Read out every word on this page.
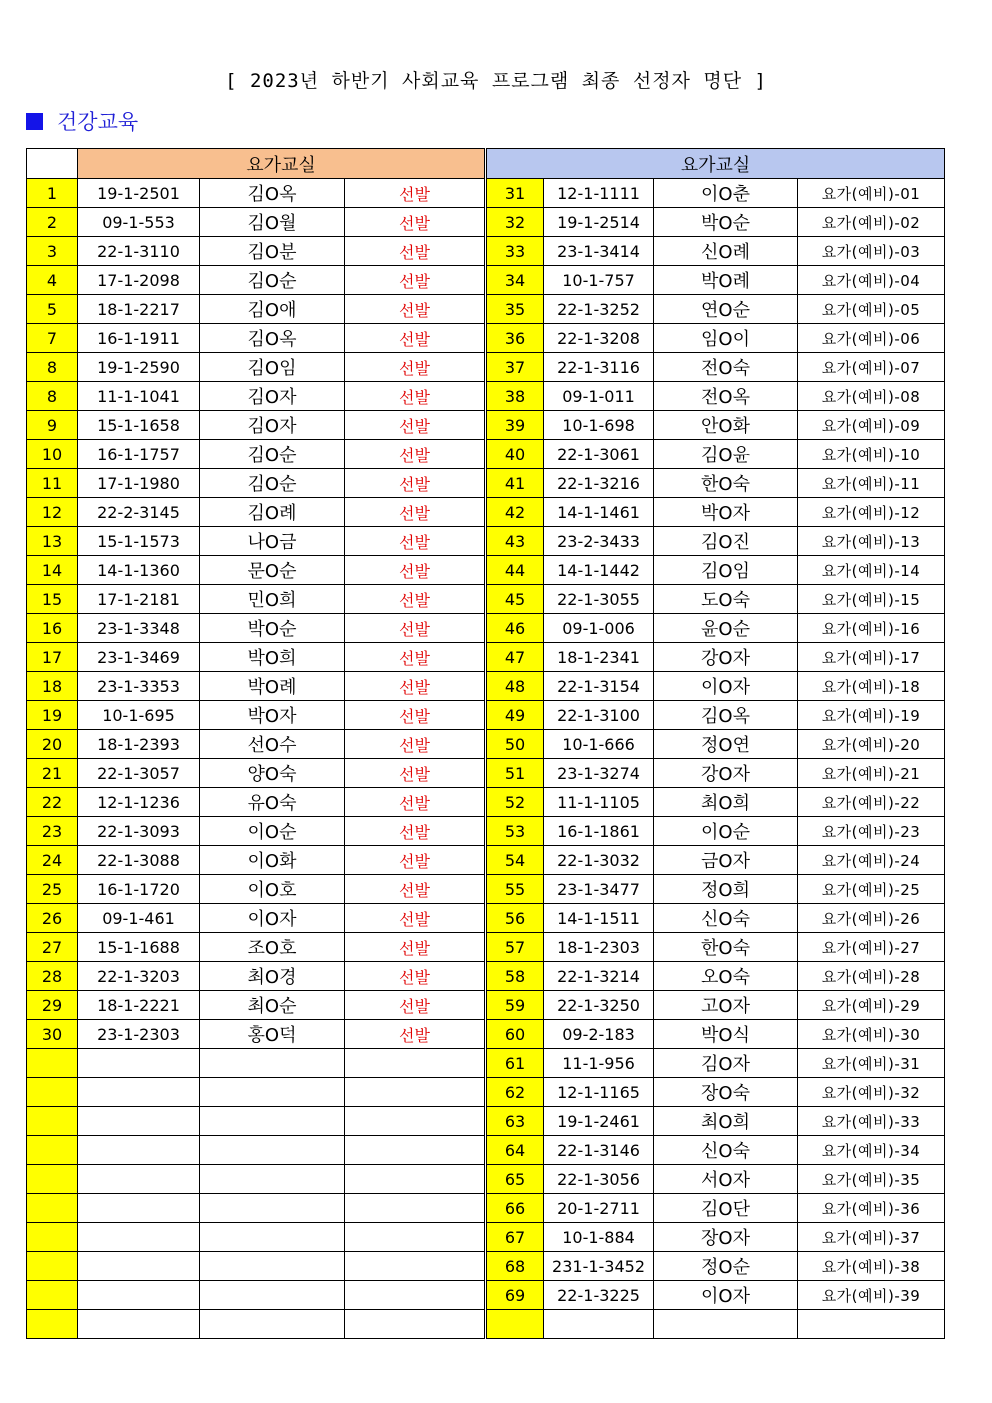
[ 2023년 하반기 사회교육 프로그램 최종 선정자 명단 ]
건강교육
	요가교실			요가교실			
1	19-1-2501	김O옥	선발	31	12-1-1111	이O춘	요가(예비)-01
2	09-1-553	김O월	선발	32	19-1-2514	박O순	요가(예비)-02
3	22-1-3110	김O분	선발	33	23-1-3414	신O례	요가(예비)-03
4	17-1-2098	김O순	선발	34	10-1-757	박O례	요가(예비)-04
5	18-1-2217	김O애	선발	35	22-1-3252	연O순	요가(예비)-05
7	16-1-1911	김O옥	선발	36	22-1-3208	임O이	요가(예비)-06
8	19-1-2590	김O임	선발	37	22-1-3116	전O숙	요가(예비)-07
8	11-1-1041	김O자	선발	38	09-1-011	전O옥	요가(예비)-08
9	15-1-1658	김O자	선발	39	10-1-698	안O화	요가(예비)-09
10	16-1-1757	김O순	선발	40	22-1-3061	김O윤	요가(예비)-10
11	17-1-1980	김O순	선발	41	22-1-3216	한O숙	요가(예비)-11
12	22-2-3145	김O례	선발	42	14-1-1461	박O자	요가(예비)-12
13	15-1-1573	나O금	선발	43	23-2-3433	김O진	요가(예비)-13
14	14-1-1360	문O순	선발	44	14-1-1442	김O임	요가(예비)-14
15	17-1-2181	민O희	선발	45	22-1-3055	도O숙	요가(예비)-15
16	23-1-3348	박O순	선발	46	09-1-006	윤O순	요가(예비)-16
17	23-1-3469	박O희	선발	47	18-1-2341	강O자	요가(예비)-17
18	23-1-3353	박O례	선발	48	22-1-3154	이O자	요가(예비)-18
19	10-1-695	박O자	선발	49	22-1-3100	김O옥	요가(예비)-19
20	18-1-2393	선O수	선발	50	10-1-666	정O연	요가(예비)-20
21	22-1-3057	양O숙	선발	51	23-1-3274	강O자	요가(예비)-21
22	12-1-1236	유O숙	선발	52	11-1-1105	최O희	요가(예비)-22
23	22-1-3093	이O순	선발	53	16-1-1861	이O순	요가(예비)-23
24	22-1-3088	이O화	선발	54	22-1-3032	금O자	요가(예비)-24
25	16-1-1720	이O호	선발	55	23-1-3477	정O희	요가(예비)-25
26	09-1-461	이O자	선발	56	14-1-1511	신O숙	요가(예비)-26
27	15-1-1688	조O호	선발	57	18-1-2303	한O숙	요가(예비)-27
28	22-1-3203	최O경	선발	58	22-1-3214	오O숙	요가(예비)-28
29	18-1-2221	최O순	선발	59	22-1-3250	고O자	요가(예비)-29
30	23-1-2303	홍O덕	선발	60	09-2-183	박O식	요가(예비)-30
				61	11-1-956	김O자	요가(예비)-31
				62	12-1-1165	장O숙	요가(예비)-32
				63	19-1-2461	최O희	요가(예비)-33
				64	22-1-3146	신O숙	요가(예비)-34
				65	22-1-3056	서O자	요가(예비)-35
				66	20-1-2711	김O단	요가(예비)-36
				67	10-1-884	장O자	요가(예비)-37
				68	231-1-3452	정O순	요가(예비)-38
				69	22-1-3225	이O자	요가(예비)-39
